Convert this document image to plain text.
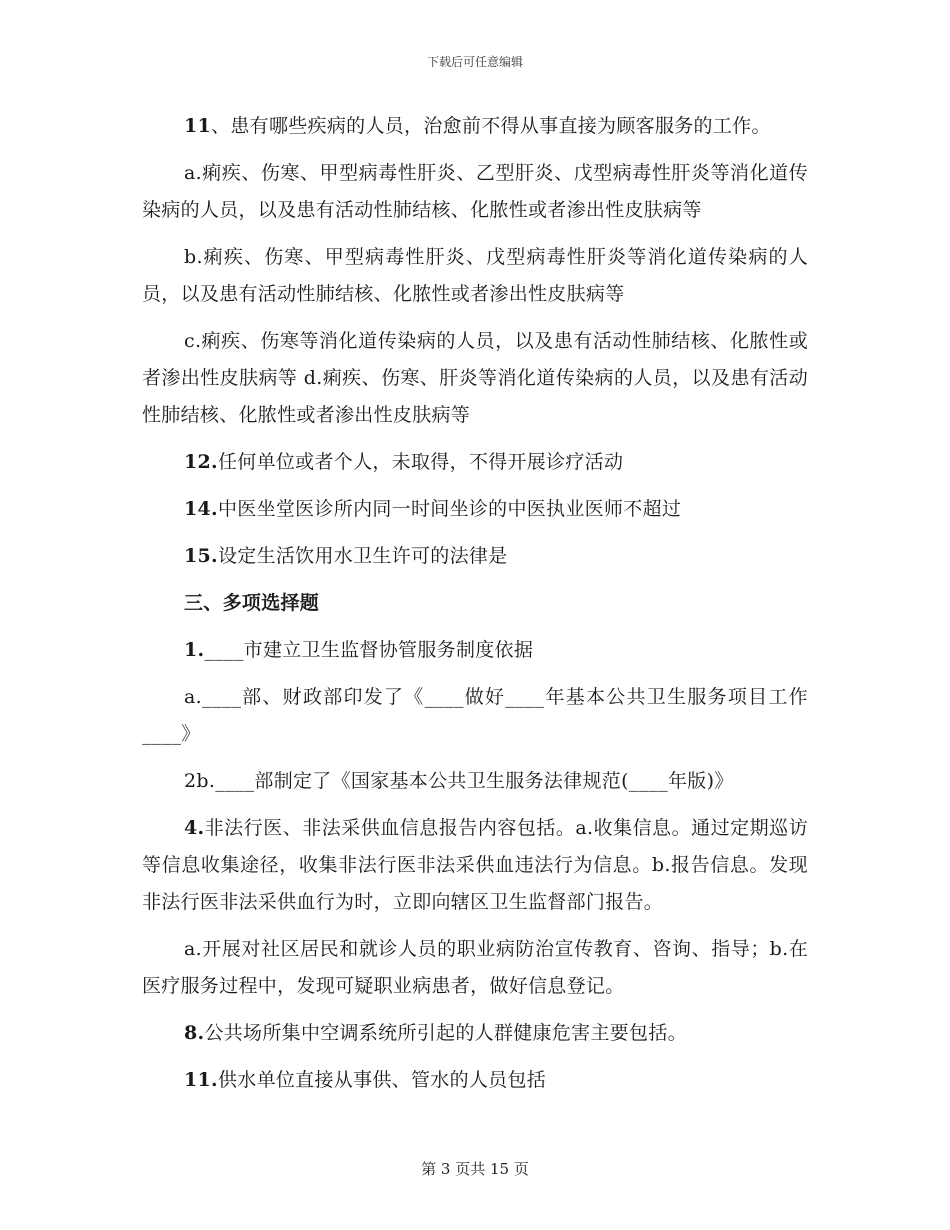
下载后可任意编辑

11、患有哪些疾病的人员，治愈前不得从事直接为顾客服务的工作。

a.痢疾、伤寒、甲型病毒性肝炎、乙型肝炎、戊型病毒性肝炎等消化道传染病的人员，以及患有活动性肺结核、化脓性或者渗出性皮肤病等

b.痢疾、伤寒、甲型病毒性肝炎、戊型病毒性肝炎等消化道传染病的人员，以及患有活动性肺结核、化脓性或者渗出性皮肤病等

c.痢疾、伤寒等消化道传染病的人员，以及患有活动性肺结核、化脓性或者渗出性皮肤病等 d.痢疾、伤寒、肝炎等消化道传染病的人员，以及患有活动性肺结核、化脓性或者渗出性皮肤病等

12.任何单位或者个人，未取得，不得开展诊疗活动

14.中医坐堂医诊所内同一时间坐诊的中医执业医师不超过

15.设定生活饮用水卫生许可的法律是

三、多项选择题

1.____市建立卫生监督协管服务制度依据

a.____部、财政部印发了《____做好____年基本公共卫生服务项目工作____》

2b.____部制定了《国家基本公共卫生服务法律规范(____年版)》

4.非法行医、非法采供血信息报告内容包括。a.收集信息。通过定期巡访等信息收集途径，收集非法行医非法采供血违法行为信息。b.报告信息。发现非法行医非法采供血行为时，立即向辖区卫生监督部门报告。

a.开展对社区居民和就诊人员的职业病防治宣传教育、咨询、指导；b.在医疗服务过程中，发现可疑职业病患者，做好信息登记。

8.公共场所集中空调系统所引起的人群健康危害主要包括。

11.供水单位直接从事供、管水的人员包括

第 3 页共 15 页
